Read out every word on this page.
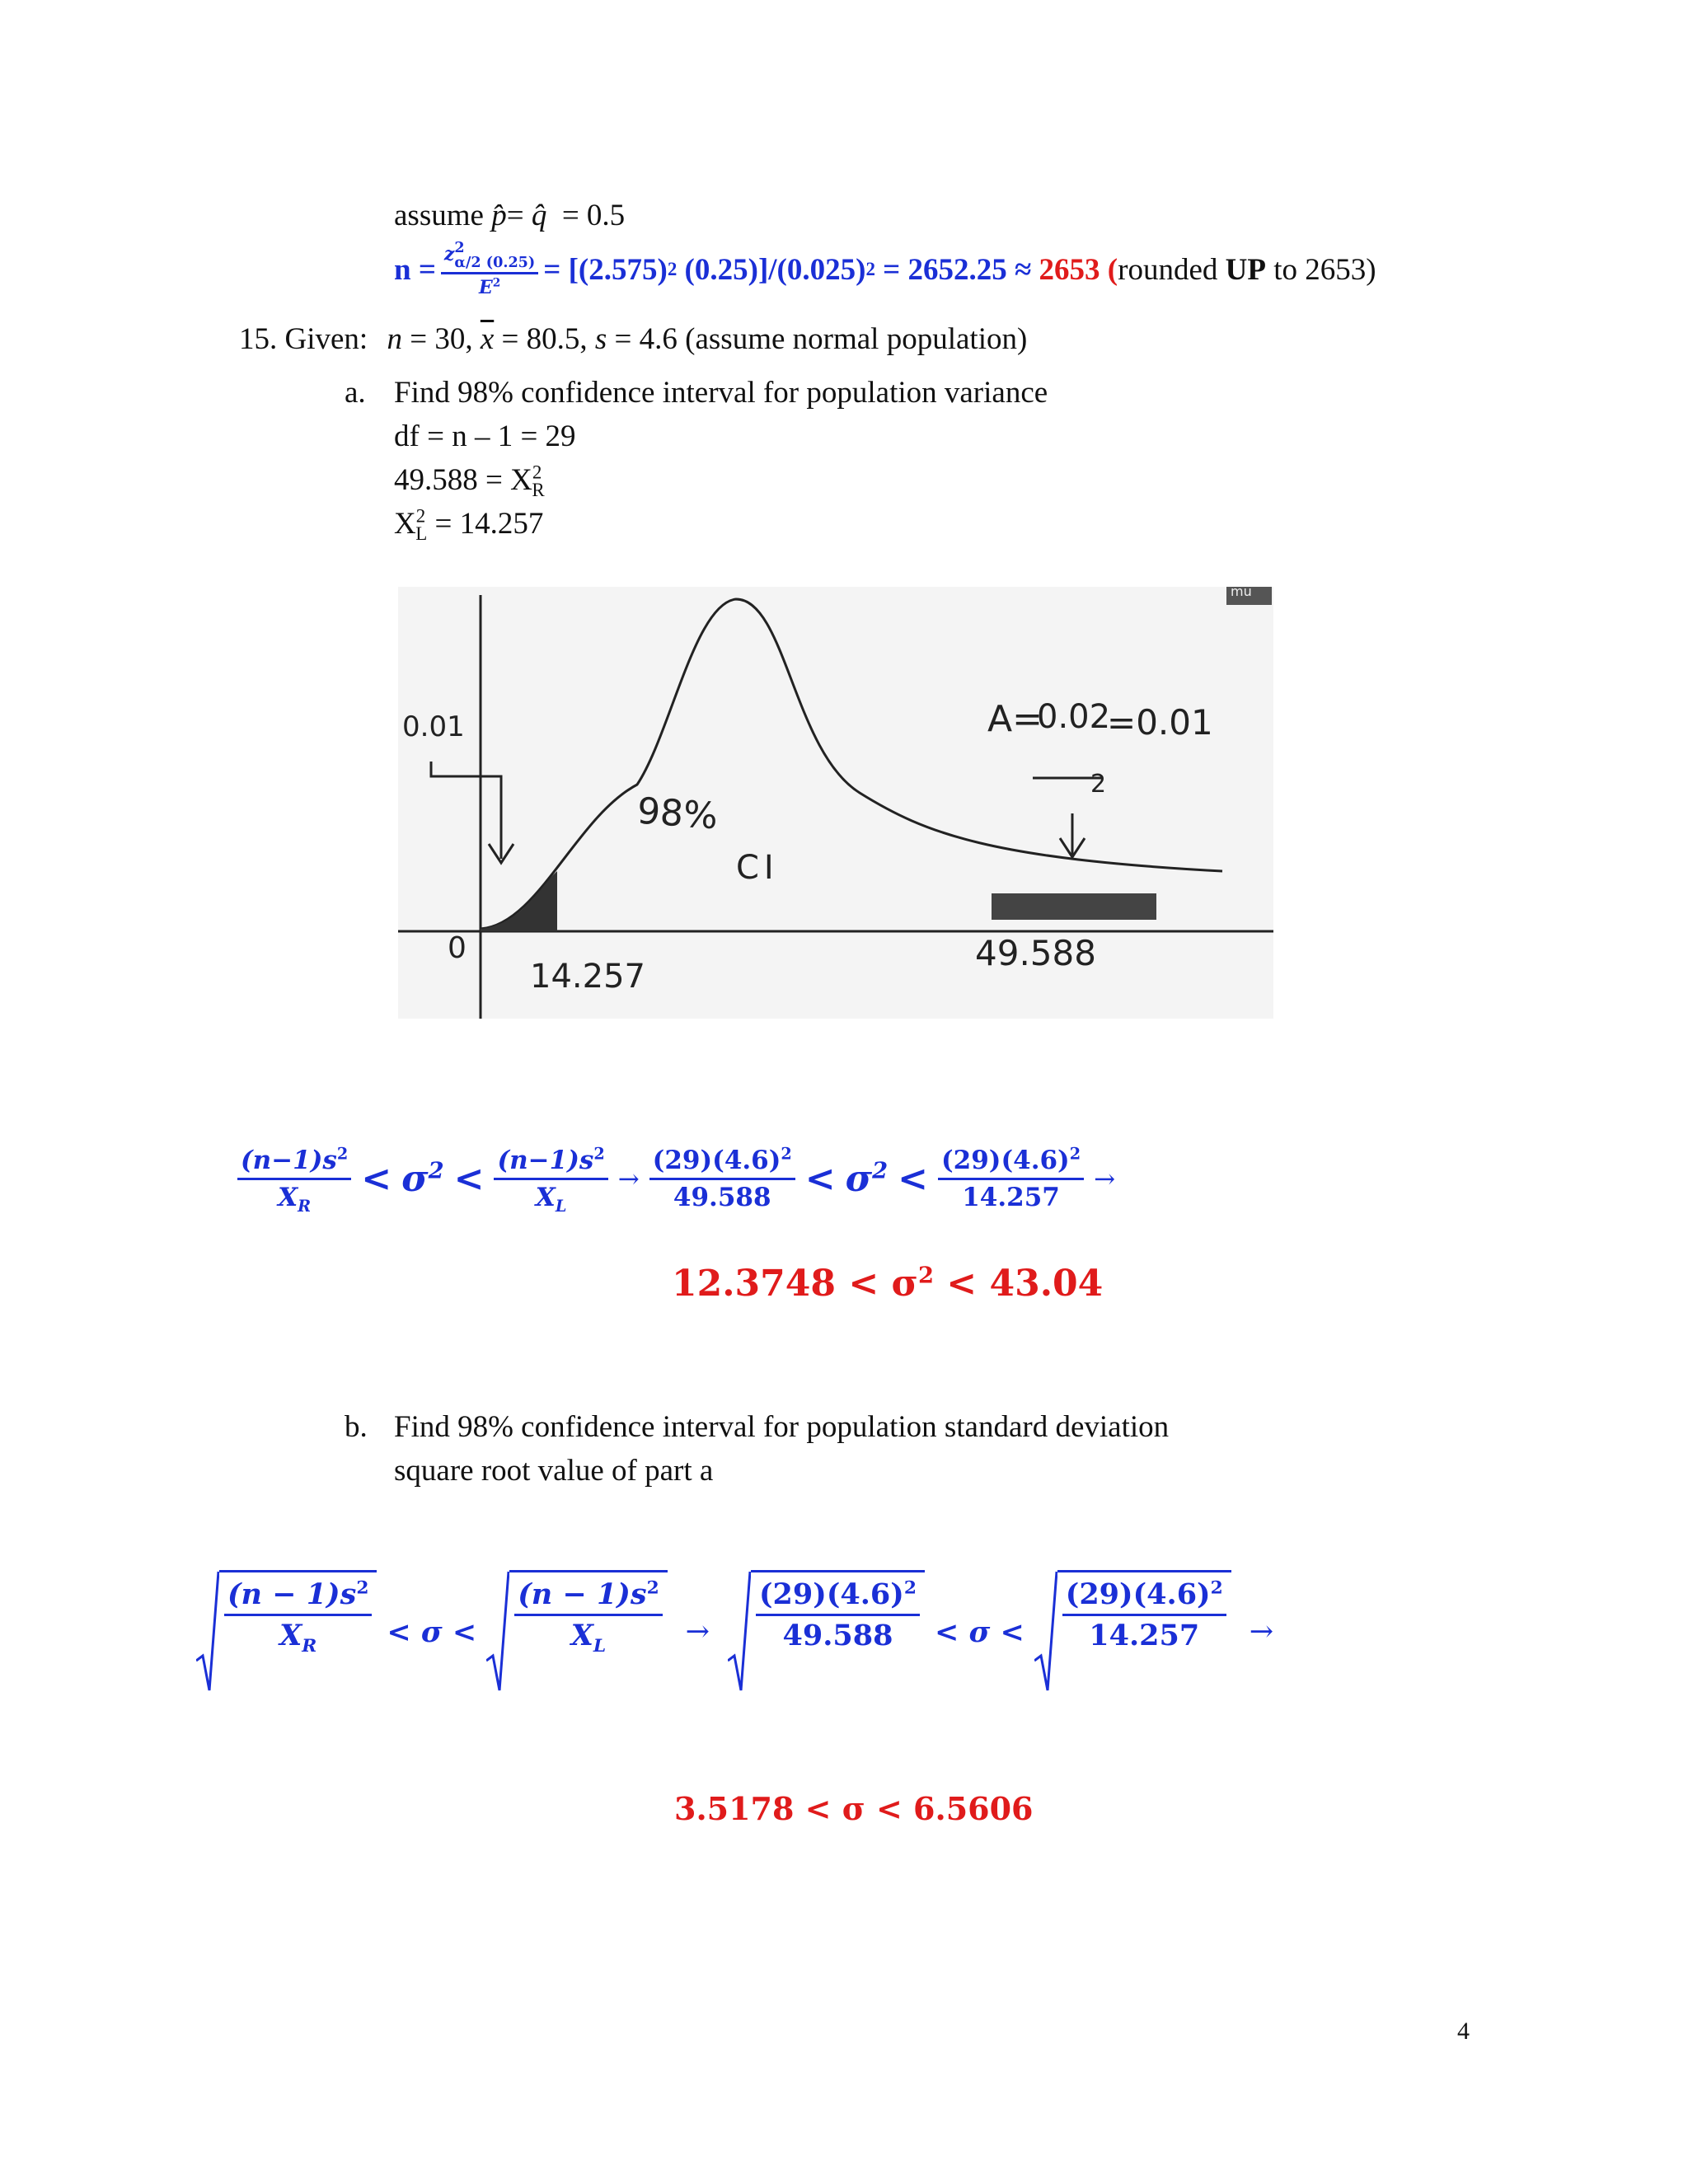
assume p̂= q̂  = 0.5
n = z 2
α/2 (0.25)
$E^2 = [(2.575)$ 2 (0.25)]/(0.025) 2 = 2652.25 ≈ 2653 ( rounded UP to 2653)
15. Given: n = 30, $\overline{x} = 80.5$, s = 4.6 (assume normal population)
a. Find 98% confidence interval for population variance
df = n – 1 = 29
$49.588 = X^2_R$
$X^2_L = 14.257$
mu
0.01
98%
CI
A=
0.02
2
=0.01
0
14.257
49.588
$\frac{(n-1)s^2}{X_R} < \sigma^2 < \frac{(n-1)s^2}{X_L} \to \frac{(29)(4.6)^2}{49.588} < \sigma^2 < \frac{(29)(4.6)^2}{14.257}$ →
$12.3748 < \sigma^2 < 43.04$
b. Find 98% confidence interval for population standard deviation
square root value of part a
$\frac{(n - 1)s^2}{X_R} < \sigma < \frac{(n - 1)s^2}{X_L} \to \frac{(29)(4.6)^2}{49.588} < \sigma < \frac{(29)(4.6)^2}{14.257}$ →
3.5178 < σ < 6.5606
4
